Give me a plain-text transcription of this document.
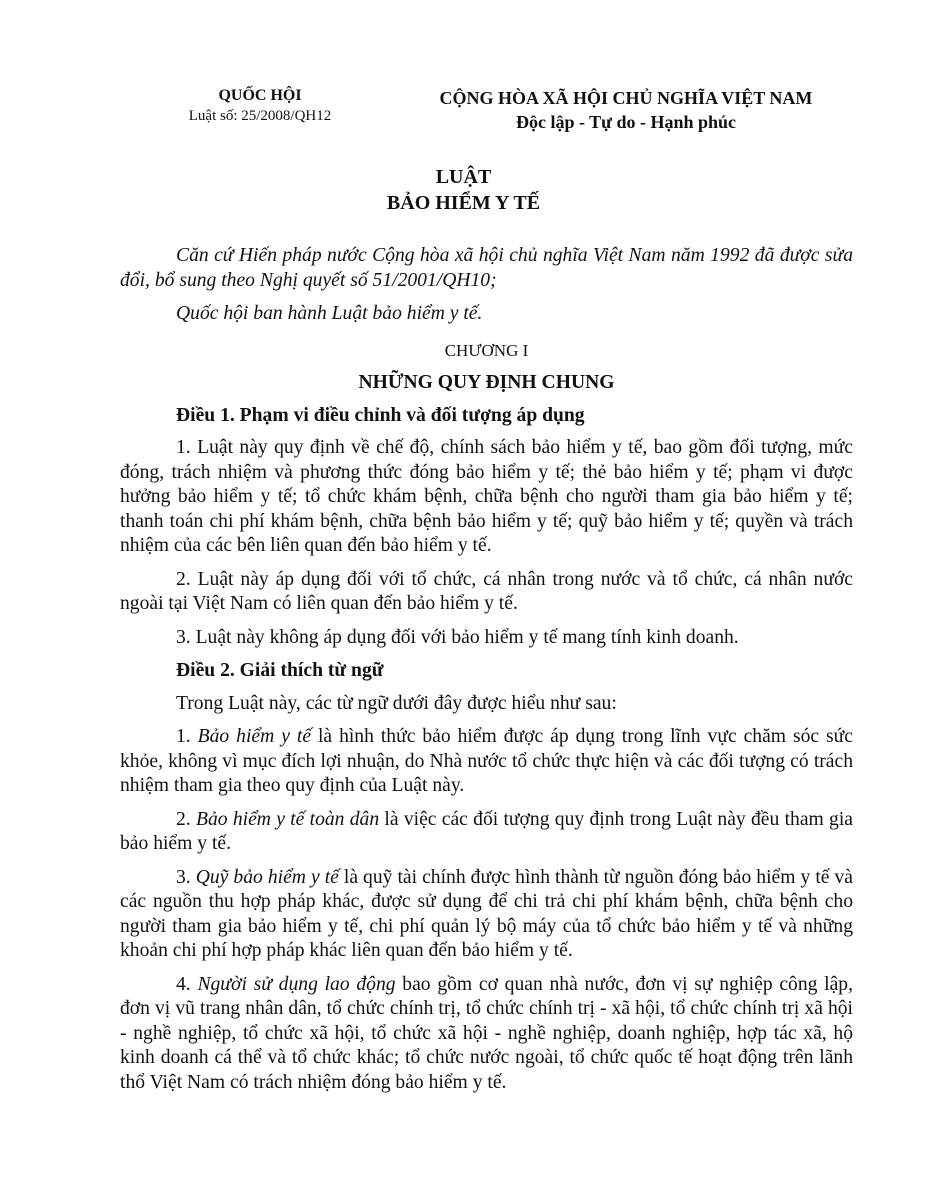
QUỐC HỘI
Luật số: 25/2008/QH12
CỘNG HÒA XÃ HỘI CHỦ NGHĨA VIỆT NAM
Độc lập - Tự do - Hạnh phúc
LUẬT
BẢO HIỂM Y TẾ

Căn cứ Hiến pháp nước Cộng hòa xã hội chủ nghĩa Việt Nam năm 1992 đã được sửa đổi, bổ sung theo Nghị quyết số 51/2001/QH10;

Quốc hội ban hành Luật bảo hiểm y tế.

CHƯƠNG I
NHỮNG QUY ĐỊNH CHUNG
Điều 1. Phạm vi điều chỉnh và đối tượng áp dụng

1. Luật này quy định về chế độ, chính sách bảo hiểm y tế, bao gồm đối tượng, mức đóng, trách nhiệm và phương thức đóng bảo hiểm y tế; thẻ bảo hiểm y tế; phạm vi được hưởng bảo hiểm y tế; tổ chức khám bệnh, chữa bệnh cho người tham gia bảo hiểm y tế; thanh toán chi phí khám bệnh, chữa bệnh bảo hiểm y tế; quỹ bảo hiểm y tế; quyền và trách nhiệm của các bên liên quan đến bảo hiểm y tế.

2. Luật này áp dụng đối với tổ chức, cá nhân trong nước và tổ chức, cá nhân nước ngoài tại Việt Nam có liên quan đến bảo hiểm y tế.

3. Luật này không áp dụng đối với bảo hiểm y tế mang tính kinh doanh.

Điều 2. Giải thích từ ngữ

Trong Luật này, các từ ngữ dưới đây được hiểu như sau:

1. Bảo hiểm y tế là hình thức bảo hiểm được áp dụng trong lĩnh vực chăm sóc sức khỏe, không vì mục đích lợi nhuận, do Nhà nước tổ chức thực hiện và các đối tượng có trách nhiệm tham gia theo quy định của Luật này.

2. Bảo hiểm y tế toàn dân là việc các đối tượng quy định trong Luật này đều tham gia bảo hiểm y tế.

3. Quỹ bảo hiểm y tế là quỹ tài chính được hình thành từ nguồn đóng bảo hiểm y tế và các nguồn thu hợp pháp khác, được sử dụng để chi trả chi phí khám bệnh, chữa bệnh cho người tham gia bảo hiểm y tế, chi phí quản lý bộ máy của tổ chức bảo hiểm y tế và những khoản chi phí hợp pháp khác liên quan đến bảo hiểm y tế.

4. Người sử dụng lao động bao gồm cơ quan nhà nước, đơn vị sự nghiệp công lập, đơn vị vũ trang nhân dân, tổ chức chính trị, tổ chức chính trị - xã hội, tổ chức chính trị xã hội - nghề nghiệp, tổ chức xã hội, tổ chức xã hội - nghề nghiệp, doanh nghiệp, hợp tác xã, hộ kinh doanh cá thể và tổ chức khác; tổ chức nước ngoài, tổ chức quốc tế hoạt động trên lãnh thổ Việt Nam có trách nhiệm đóng bảo hiểm y tế.
